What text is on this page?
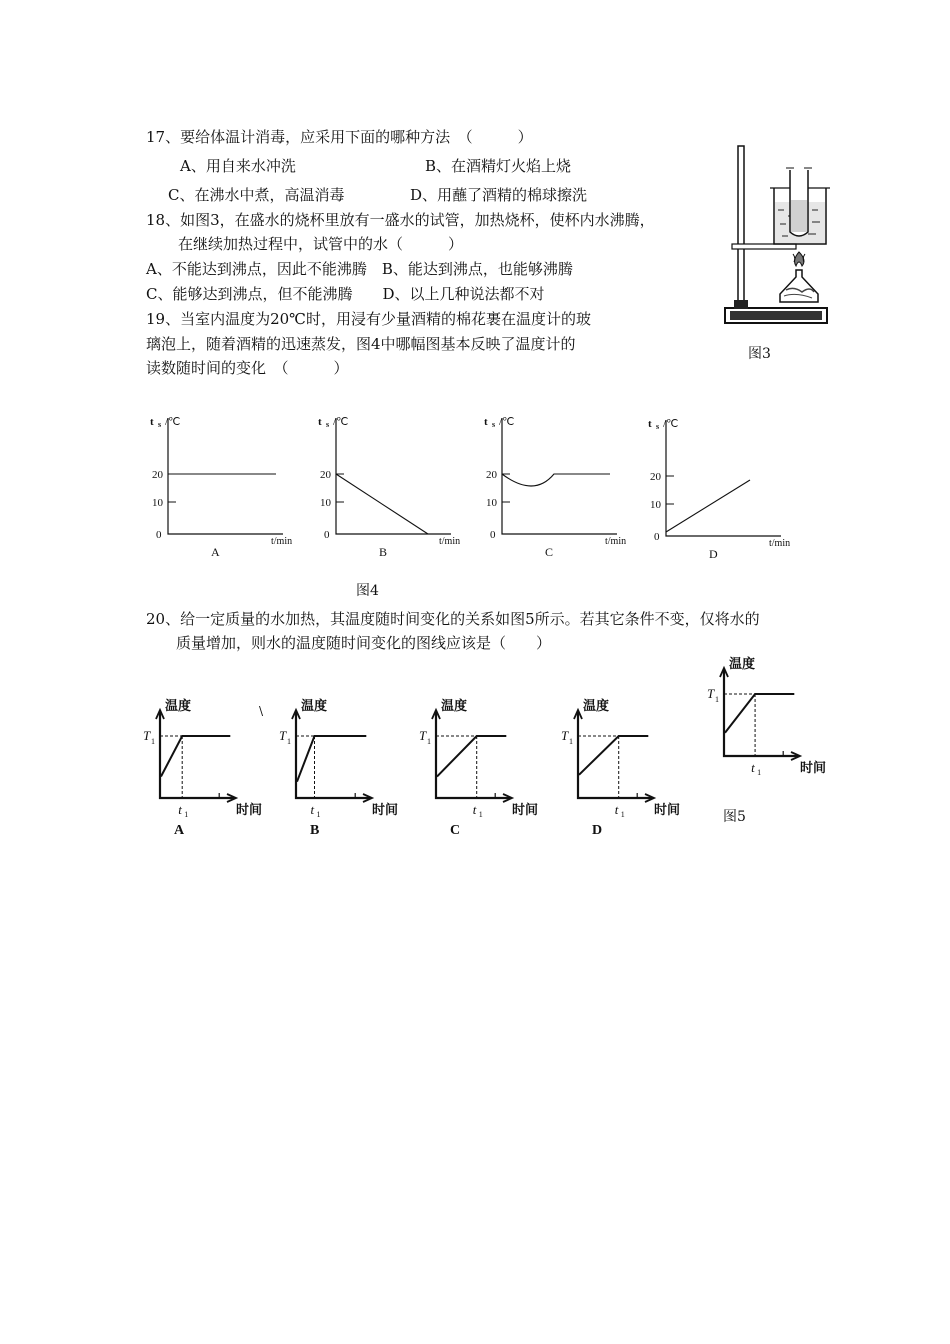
17、要给体温计消毒，应采用下面的哪种方法　（　　　）
A、用自来水冲洗	B、在酒精灯火焰上烧
C、在沸水中煮，高温消毒	D、用蘸了酒精的棉球擦洗
18、如图3，在盛水的烧杯里放有一盛水的试管，加热烧杯，使杯内水沸腾，
在继续加热过程中，试管中的水（　　　）
A、不能达到沸点，因此不能沸腾　B、能达到沸点，也能够沸腾
C、能够达到沸点，但不能沸腾　　D、以上几种说法都不对
19、当室内温度为20℃时，用浸有少量酒精的棉花裹在温度计的玻
璃泡上，随着酒精的迅速蒸发，图4中哪幅图基本反映了温度计的
读数随时间的变化　（　　　）
图3
t s /℃
20
10
0
t/min
A
t s /℃
20
10
0
t/min
B
t s /℃
20
10
0
t/min
C
t s /℃
20
10
0
t/min
D
图4
20、给一定质量的水加热，其温度随时间变化的关系如图5所示。若其它条件不变，仅将水的
质量增加，则水的温度随时间变化的图线应该是（　　）
温度
时间
T 1
t 1
A
温度
时间
T 1
t 1
B
温度
时间
T 1
t 1
C
温度
时间
T 1
t 1
D
温度
时间
T 1
t 1
图5
\
